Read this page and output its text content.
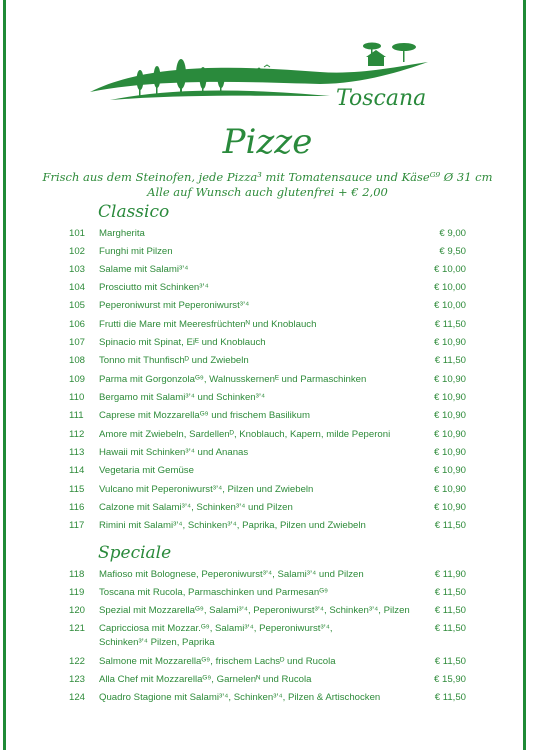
Toscana
Pizze
Frisch aus dem Steinofen, jede Pizza³ mit Tomatensauce und Käseᴳ⁹ Ø 31 cm
Alle auf Wunsch auch glutenfrei + € 2,00
Classico
101 Margherita	€ 9,00
102 Funghi mit Pilzen	€ 9,50
103 Salame mit Salami³’⁴	€ 10,00
104 Prosciutto mit Schinken³’⁴	€ 10,00
105 Peperoniwurst mit Peperoniwurst³’⁴	€ 10,00
106 Frutti die Mare mit Meeresfrüchtenᴺ und Knoblauch	€ 11,50
107 Spinacio mit Spinat, Eiᴱ und Knoblauch	€ 10,90
108 Tonno mit Thunfischᴰ und Zwiebeln	€ 11,50
109 Parma mit Gorgonzolaᴳ⁹, Walnusskernenᴱ und Parmaschinken	€ 10,90
110 Bergamo mit Salami³’⁴ und Schinken³’⁴	€ 10,90
111 Caprese mit Mozzarellaᴳ⁹ und frischem Basilikum	€ 10,90
112 Amore mit Zwiebeln, Sardellenᴰ, Knoblauch, Kapern, milde Peperoni	€ 10,90
113 Hawaii mit Schinken³’⁴ und Ananas	€ 10,90
114 Vegetaria mit Gemüse	€ 10,90
115 Vulcano mit Peperoniwurst³’⁴, Pilzen und Zwiebeln	€ 10,90
116 Calzone mit Salami³’⁴, Schinken³’⁴ und Pilzen	€ 10,90
117 Rimini mit Salami³’⁴, Schinken³’⁴, Paprika, Pilzen und Zwiebeln	€ 11,50
Speciale
118 Mafioso mit Bolognese, Peperoniwurst³’⁴, Salami³’⁴ und Pilzen	€ 11,90
119 Toscana mit Rucola, Parmaschinken und Parmesanᴳ⁹	€ 11,50
120 Spezial mit Mozzarellaᴳ⁹, Salami³’⁴, Peperoniwurst³’⁴, Schinken³’⁴, Pilzen	€ 11,50
121 Capricciosa mit Mozzar.ᴳ⁹, Salami³’⁴, Peperoniwurst³’⁴,	€ 11,50
Schinken³’⁴ Pilzen, Paprika
122 Salmone mit Mozzarellaᴳ⁹, frischem Lachsᴰ und Rucola	€ 11,50
123 Alla Chef mit Mozzarellaᴳ⁹, Garnelenᴺ und Rucola	€ 15,90
124 Quadro Stagione mit Salami³’⁴, Schinken³’⁴, Pilzen & Artischocken	€ 11,50
